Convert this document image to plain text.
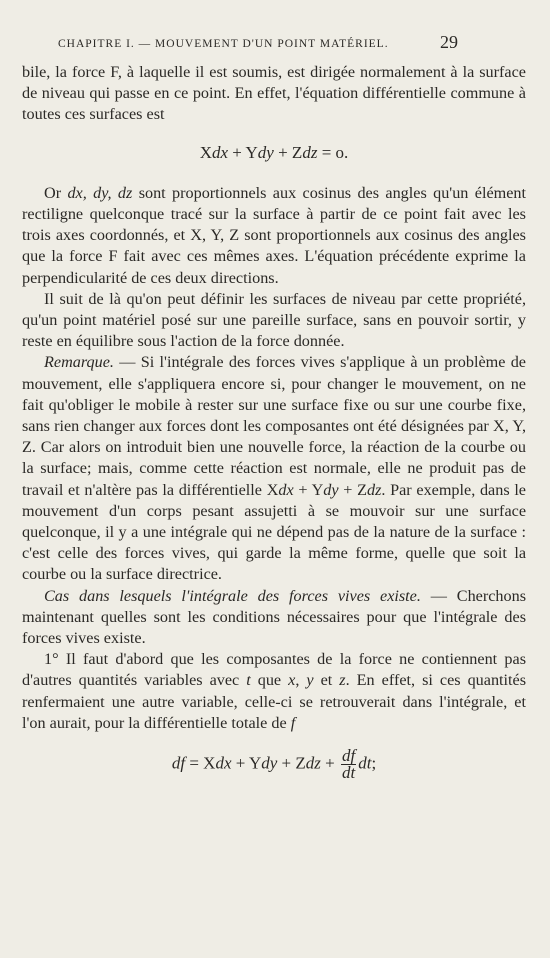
CHAPITRE I. — MOUVEMENT D'UN POINT MATÉRIEL.	29

bile, la force F, à laquelle il est soumis, est dirigée normalement à la surface de niveau qui passe en ce point. En effet, l'équation différentielle commune à toutes ces surfaces est

Xdx + Ydy + Zdz = o.

Or dx, dy, dz sont proportionnels aux cosinus des angles qu'un élément rectiligne quelconque tracé sur la surface à partir de ce point fait avec les trois axes coordonnés, et X, Y, Z sont proportionnels aux cosinus des angles que la force F fait avec ces mêmes axes. L'équation précédente exprime la perpendicularité de ces deux directions.

Il suit de là qu'on peut définir les surfaces de niveau par cette propriété, qu'un point matériel posé sur une pareille surface, sans en pouvoir sortir, y reste en équilibre sous l'action de la force donnée.

Remarque. — Si l'intégrale des forces vives s'applique à un problème de mouvement, elle s'appliquera encore si, pour changer le mouvement, on ne fait qu'obliger le mobile à rester sur une surface fixe ou sur une courbe fixe, sans rien changer aux forces dont les composantes ont été désignées par X, Y, Z. Car alors on introduit bien une nouvelle force, la réaction de la courbe ou la surface; mais, comme cette réaction est normale, elle ne produit pas de travail et n'altère pas la différentielle Xdx + Ydy + Zdz. Par exemple, dans le mouvement d'un corps pesant assujetti à se mouvoir sur une surface quelconque, il y a une intégrale qui ne dépend pas de la nature de la surface : c'est celle des forces vives, qui garde la même forme, quelle que soit la courbe ou la surface directrice.

Cas dans lesquels l'intégrale des forces vives existe. — Cherchons maintenant quelles sont les conditions nécessaires pour que l'intégrale des forces vives existe.

1° Il faut d'abord que les composantes de la force ne contiennent pas d'autres quantités variables avec t que x, y et z. En effet, si ces quantités renfermaient une autre variable, celle-ci se retrouverait dans l'intégrale, et l'on aurait, pour la différentielle totale de f

df = Xdx + Ydy + Zdz + $\frac{df}{dt}$ dt;
